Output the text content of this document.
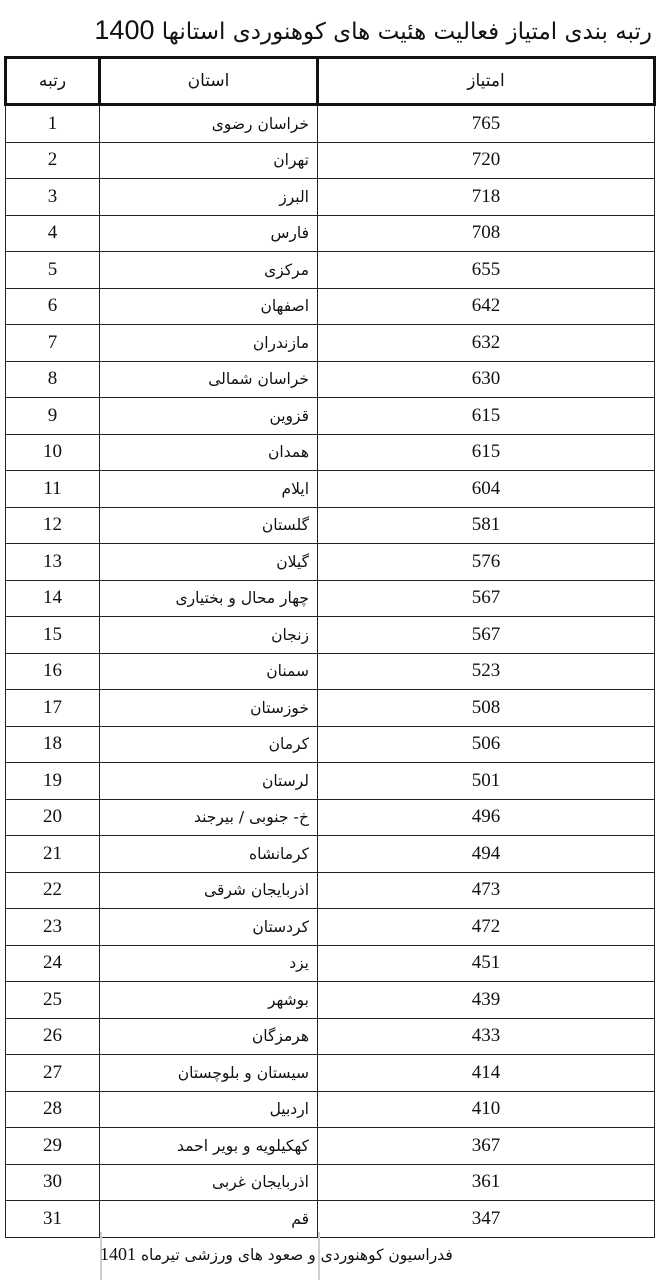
رتبه بندی امتیاز فعالیت هئیت های کوهنوردی استانها 1400
رتبه	استان	امتیاز
1	خراسان رضوی	765
2	تهران	720
3	البرز	718
4	فارس	708
5	مرکزی	655
6	اصفهان	642
7	مازندران	632
8	خراسان شمالی	630
9	قزوین	615
10	همدان	615
11	ایلام	604
12	گلستان	581
13	گیلان	576
14	چهار محال و بختیاری	567
15	زنجان	567
16	سمنان	523
17	خوزستان	508
18	کرمان	506
19	لرستان	501
20	خ- جنوبی / بیرجند	496
21	کرمانشاه	494
22	اذربایجان شرقی	473
23	کردستان	472
24	یزد	451
25	بوشهر	439
26	هرمزگان	433
27	سیستان و بلوچستان	414
28	اردبیل	410
29	کهکیلویه و بویر احمد	367
30	اذربایجان غربی	361
31	قم	347
فدراسیون کوهنوردی و صعود های ورزشی تیرماه 1401
